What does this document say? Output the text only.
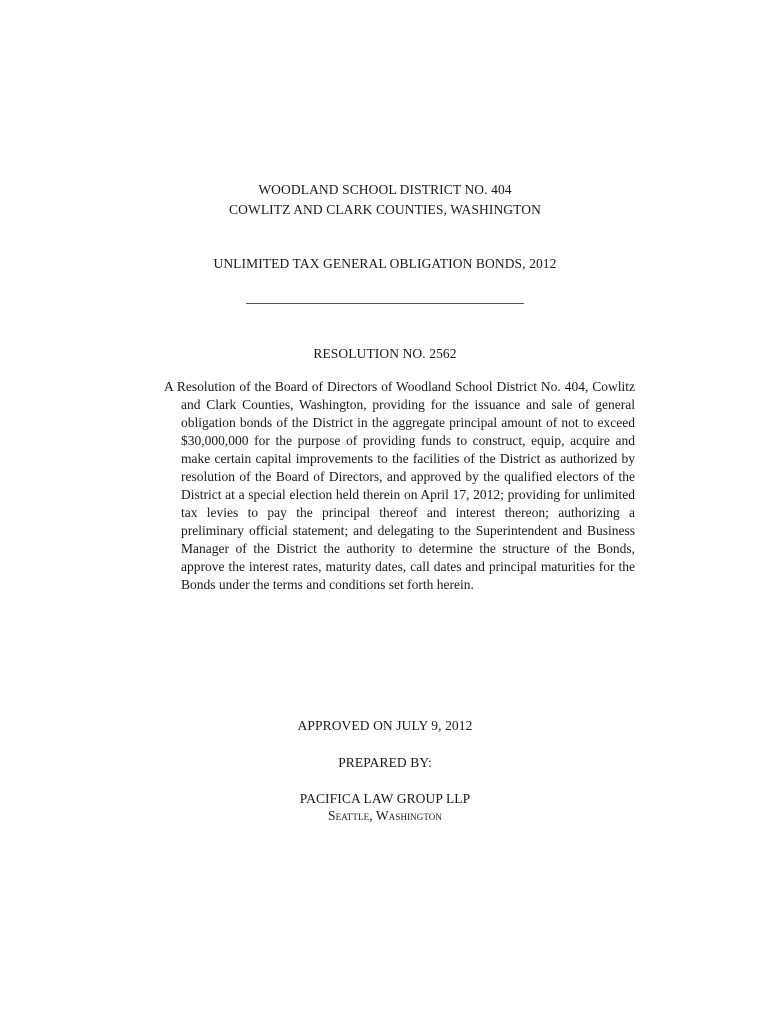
WOODLAND SCHOOL DISTRICT NO. 404
COWLITZ AND CLARK COUNTIES, WASHINGTON
UNLIMITED TAX GENERAL OBLIGATION BONDS, 2012
RESOLUTION NO. 2562
A Resolution of the Board of Directors of Woodland School District No. 404, Cowlitz and Clark Counties, Washington, providing for the issuance and sale of general obligation bonds of the District in the aggregate principal amount of not to exceed $30,000,000 for the purpose of providing funds to construct, equip, acquire and make certain capital improvements to the facilities of the District as authorized by resolution of the Board of Directors, and approved by the qualified electors of the District at a special election held therein on April 17, 2012; providing for unlimited tax levies to pay the principal thereof and interest thereon; authorizing a preliminary official statement; and delegating to the Superintendent and Business Manager of the District the authority to determine the structure of the Bonds, approve the interest rates, maturity dates, call dates and principal maturities for the Bonds under the terms and conditions set forth herein.
APPROVED ON JULY 9, 2012
PREPARED BY:
PACIFICA LAW GROUP LLP
Seattle, Washington
